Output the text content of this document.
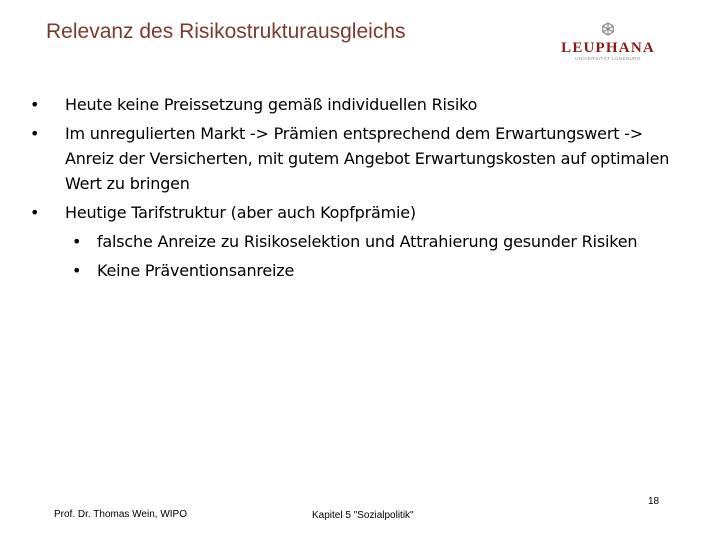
Relevanz des Risikostrukturausgleichs
LEUPHANA
UNIVERSITÄT LÜNEBURG
• Heute keine Preissetzung gemäß individuellen Risiko
• Im unregulierten Markt -> Prämien entsprechend dem Erwartungswert -> Anreiz der Versicherten, mit gutem Angebot Erwartungskosten auf optimalen Wert zu bringen
• Heutige Tarifstruktur (aber auch Kopfprämie)
• falsche Anreize zu Risikoselektion und Attrahierung gesunder Risiken
• Keine Präventionsanreize
18
Prof. Dr. Thomas Wein, WIPO	Kapitel 5 "Sozialpolitik"
